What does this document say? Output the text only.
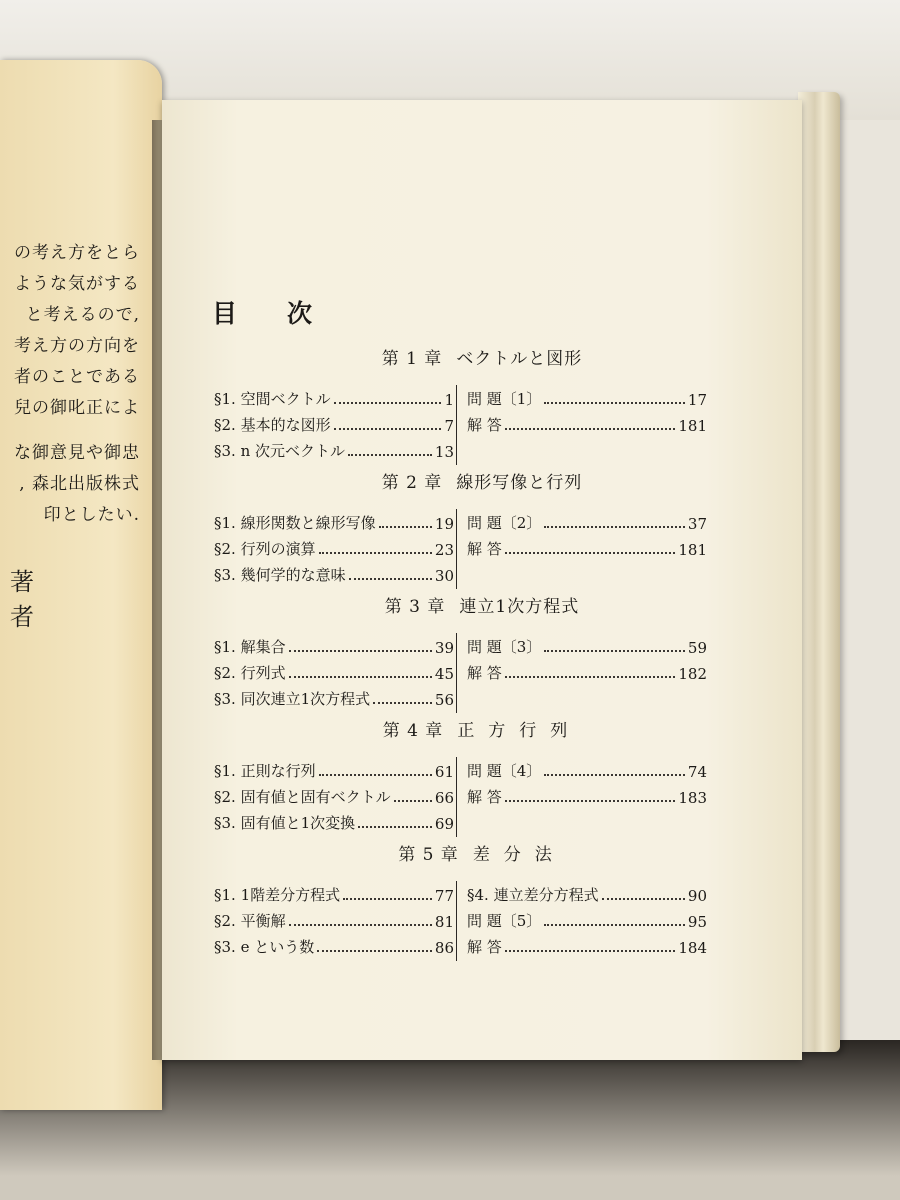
の考え方をとら
ような気がする
と考えるので,
考え方の方向を
者のことである
兒の御叱正によ
な御意見や御忠
, 森北出版株式
印としたい.
著 者
目 次
第 1 章 ベクトルと図形
§1. 空間ベクトル	1
§2. 基本的な図形	7
§3. n 次元ベクトル	13
問 題〔1〕	17
解 答	181
第 2 章 線形写像と行列
§1. 線形関数と線形写像	19
§2. 行列の演算	23
§3. 幾何学的な意味	30
問 題〔2〕	37
解 答	181
第 3 章 連立1次方程式
§1. 解集合	39
§2. 行列式	45
§3. 同次連立1次方程式	56
問 題〔3〕	59
解 答	182
第 4 章 正方行列
§1. 正則な行列	61
§2. 固有値と固有ベクトル	66
§3. 固有値と1次変換	69
問 題〔4〕	74
解 答	183
第 5 章 差分法
§1. 1階差分方程式	77
§2. 平衡解	81
§3. e という数	86
§4. 連立差分方程式	90
問 題〔5〕	95
解 答	184
